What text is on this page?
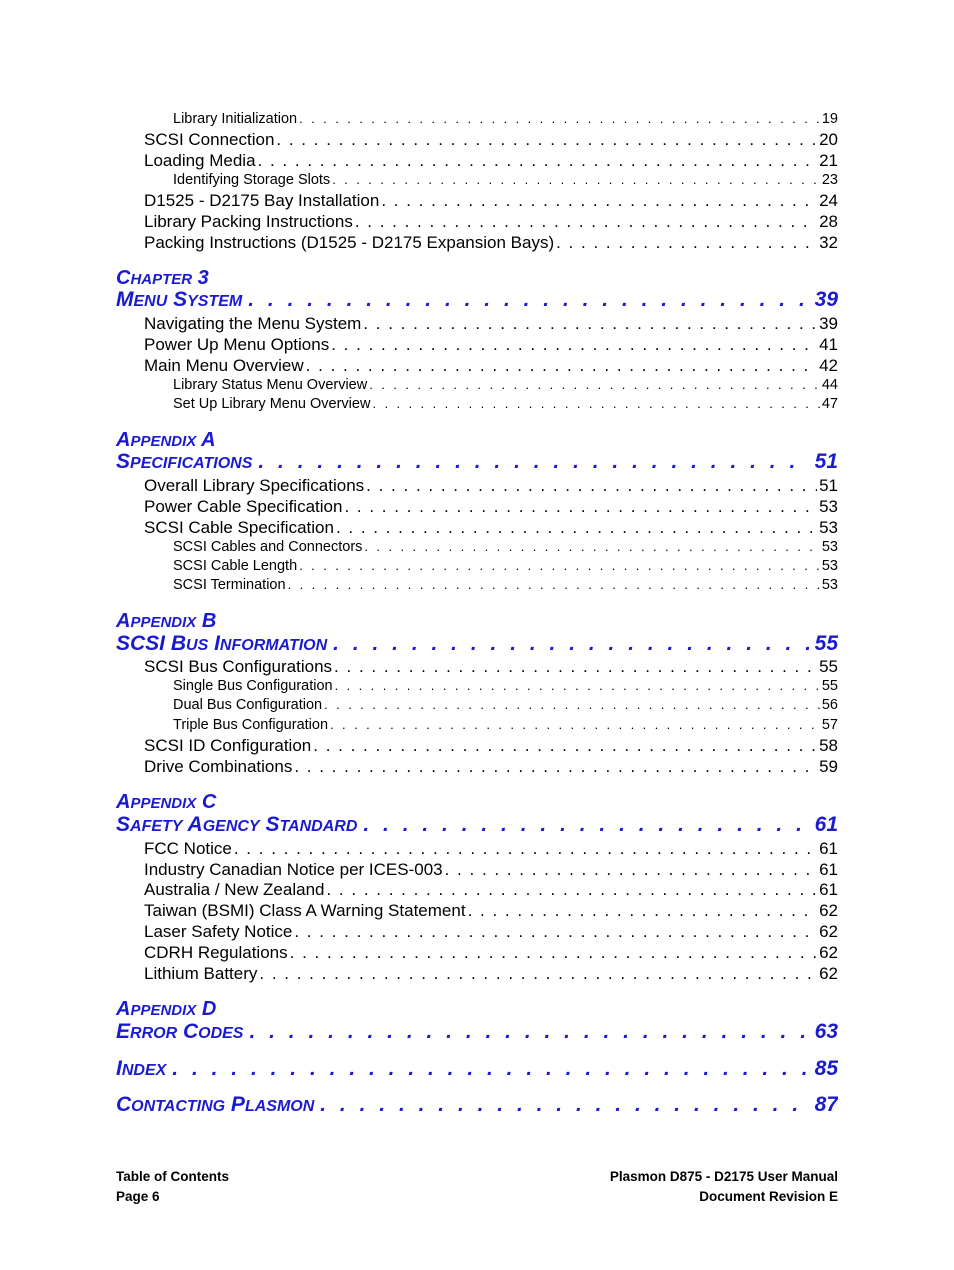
Library Initialization . . .	19
SCSI Connection . . .	20
Loading Media . . .	21
Identifying Storage Slots . . .	23
D1525 - D2175 Bay Installation . . .	24
Library Packing Instructions . . .	28
Packing Instructions (D1525 - D2175 Expansion Bays) . . .	32
CHAPTER 3
MENU SYSTEM . . .	39
Navigating the Menu System . . .	39
Power Up Menu Options . . .	41
Main Menu Overview . . .	42
Library Status Menu Overview . . .	44
Set Up Library Menu Overview . . .	47
APPENDIX A
SPECIFICATIONS . . .	51
Overall Library Specifications . . .	51
Power Cable Specification . . .	53
SCSI Cable Specification . . .	53
SCSI Cables and Connectors . . .	53
SCSI Cable Length . . .	53
SCSI Termination . . .	53
APPENDIX B
SCSI BUS INFORMATION . . .	55
SCSI Bus Configurations . . .	55
Single Bus Configuration . . .	55
Dual Bus Configuration . . .	56
Triple Bus Configuration . . .	57
SCSI ID Configuration . . .	58
Drive Combinations . . .	59
APPENDIX C
SAFETY AGENCY STANDARD . . .	61
FCC Notice . . .	61
Industry Canadian Notice per ICES-003 . . .	61
Australia / New Zealand . . .	61
Taiwan (BSMI) Class A Warning Statement . . .	62
Laser Safety Notice . . .	62
CDRH Regulations . . .	62
Lithium Battery . . .	62
APPENDIX D
ERROR CODES . . .	63
INDEX . . .	85
CONTACTING PLASMON . . .	87
Table of Contents
Page 6
Plasmon D875 - D2175 User Manual
Document Revision E
